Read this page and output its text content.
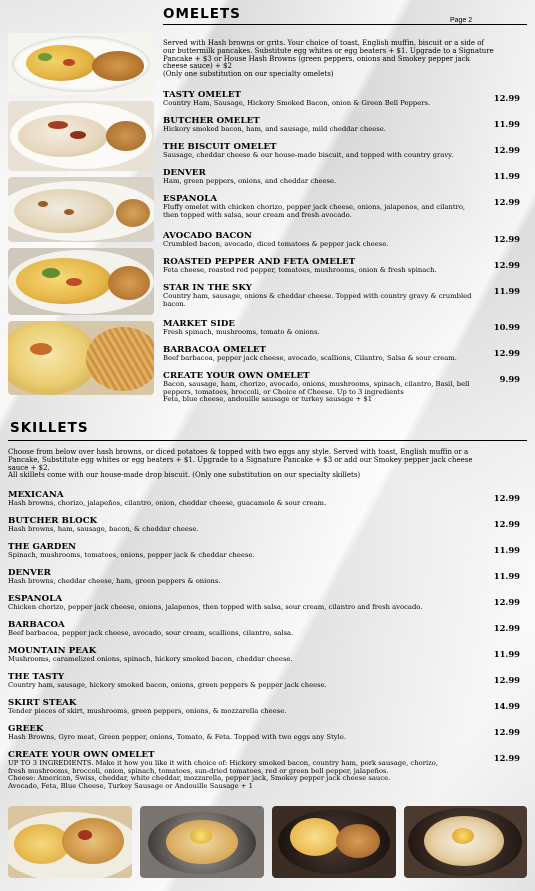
OMELETS	Page 2
Served with Hash browns or grits. Your choice of toast, English muffin, biscuit or a side of
our buttermilk pancakes. Substitute egg whites or egg beaters + $1. Upgrade to a Signature
Pancake + $3 or House Hash Browns (green peppers, onions and Smokey pepper jack
cheese sauce) + $2
(Only one substitution on our specialty omelets)
TASTY OMELET
Country Ham, Sausage, Hickory Smoked Bacon, onion & Green Bell Peppers.	12.99
BUTCHER OMELET
Hickory smoked bacon, ham, and sausage, mild cheddar cheese.	11.99
THE BISCUIT OMELET
Sausage, cheddar cheese & our house-made biscuit, and topped with country gravy.	12.99
DENVER
Ham, green peppers, onions, and cheddar cheese.	11.99
ESPANOLA
Fluffy omelet with chicken chorizo, pepper jack cheese, onions, jalapenos, and cilantro,
then topped with salsa, sour cream and fresh avocado.
12.99
AVOCADO BACON
Crumbled bacon, avocado, diced tomatoes & pepper jack cheese.	12.99
ROASTED PEPPER AND FETA OMELET
Feta cheese, roasted red pepper, tomatoes, mushrooms, onion & fresh spinach.	12.99
STAR IN THE SKY
Country ham, sausage, onions & cheddar cheese. Topped with country gravy & crumbled
bacon.
11.99
MARKET SIDE
Fresh spinach, mushrooms, tomato & onions.	10.99
BARBACOA OMELET
Beef barbacoa, pepper jack cheese, avocado, scallions, Cilantro, Salsa & sour cream.	12.99
CREATE YOUR OWN OMELET
Bacon, sausage, ham, chorizo, avocado, onions, mushrooms, spinach, cilantro, Basil, bell
peppers, tomatoes, broccoli, or Choice of Cheese. Up to 3 ingredients
Feta, blue cheese, andouille sausage or turkey sausage + $1
9.99
SKILLETS
Choose from below over hash browns, or diced potatoes & topped with two eggs any style. Served with toast, English muffin or a
Pancake, Substitute egg whites or egg beaters + $1. Upgrade to a Signature Pancake + $3 or add our Smokey pepper jack cheese
sauce + $2.
All skillets come with our house-made drop biscuit. (Only one substitution on our specialty skillets)
MEXICANA
Hash browns, chorizo, jalapeños, cilantro, onion, cheddar cheese, guacamole & sour cream.	12.99
BUTCHER BLOCK
Hash browns, ham, sausage, bacon, & cheddar cheese.	12.99
THE GARDEN
Spinach, mushrooms, tomatoes, onions, pepper jack & cheddar cheese.	11.99
DENVER
Hash browns, cheddar cheese, ham, green peppers & onions.	11.99
ESPANOLA
Chicken chorizo, pepper jack cheese, onions, jalapenos, then topped with salsa, sour cream, cilantro and fresh avocado.	12.99
BARBACOA
Beef barbacoa, pepper jack cheese, avocado, sour cream, scallions, cilantro, salsa.	12.99
MOUNTAIN PEAK
Mushrooms, caramelized onions, spinach, hickory smoked bacon, cheddar cheese.	11.99
THE TASTY
Country ham, sausage, hickory smoked bacon, onions, green peppers & pepper jack cheese.	12.99
SKIRT STEAK
Tender pieces of skirt, mushrooms, green peppers, onions, & mozzarella cheese.	14.99
GREEK
Hash Browns, Gyro meat, Green pepper, onions, Tomato, & Feta. Topped with two eggs any Style.	12.99
CREATE YOUR OWN OMELET
UP TO 3 INGREDIENTS. Make it how you like it with choice of: Hickory smoked bacon, country ham, pork sausage, chorizo,
fresh mushrooms, broccoli, onion, spinach, tomatoes, sun-dried tomatoes, red or green bell pepper, jalapeños.
Cheese: American, Swiss, cheddar, white cheddar, mozzarella, pepper jack, Smokey pepper jack cheese sauce.
Avocado, Feta, Blue Cheese, Turkey Sausage or Andouille Sausage + 1
12.99
